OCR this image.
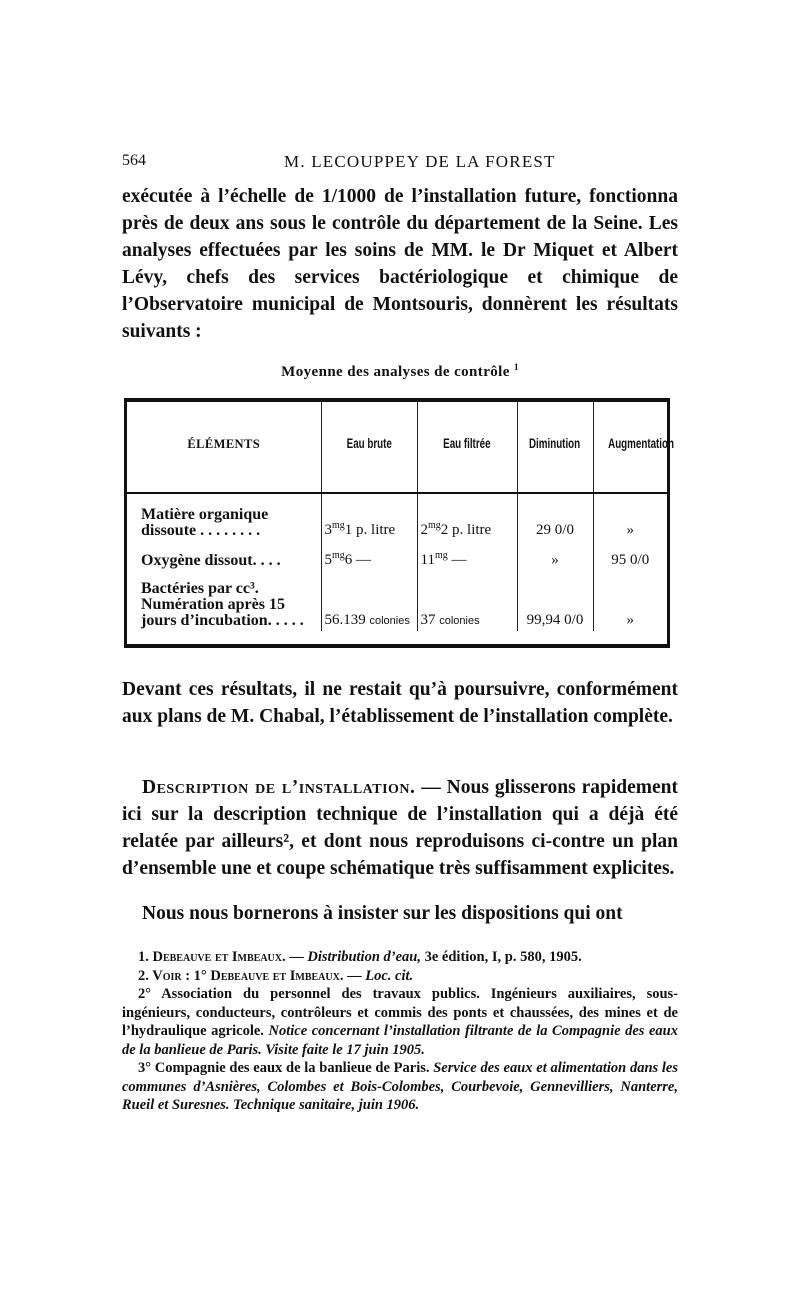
564	M. LECOUPPEY DE LA FOREST

exécutée à l’échelle de 1/1000 de l’installation future, fonctionna près de deux ans sous le contrôle du département de la Seine. Les analyses effectuées par les soins de MM. le Dr Miquet et Albert Lévy, chefs des services bactériologique et chimique de l’Observatoire municipal de Montsouris, donnèrent les résultats suivants :

Moyenne des analyses de contrôle $^1$
ÉLÉMENTS	Eau brute	Eau filtrée	Diminution	Augmentation

Matière organique dissoute . . . . . . . .	$3^{mg}1$ p. litre	$2^{mg}2$ p. litre	29 0/0	»
Oxygène dissout. . . .	$5^{mg}6$ —	$11^{mg}$ —	»	95 0/0
Bactéries par cc³. Numération après 15 jours d’incubation. . . . .	56.139 colonies	37 colonies	99,94 0/0	»

Devant ces résultats, il ne restait qu’à poursuivre, conformément aux plans de M. Chabal, l’établissement de l’installation complète.

Description de l’installation. — Nous glisserons rapidement ici sur la description technique de l’installation qui a déjà été relatée par ailleurs², et dont nous reproduisons ci-contre un plan d’ensemble une et coupe schématique très suffisamment explicites.

Nous nous bornerons à insister sur les dispositions qui ont

1. Debeauve et Imbeaux. — Distribution d’eau, 3e édition, I, p. 580, 1905.

2. Voir : 1° Debeauve et Imbeaux. — Loc. cit.

2° Association du personnel des travaux publics. Ingénieurs auxiliaires, sous-ingénieurs, conducteurs, contrôleurs et commis des ponts et chaussées, des mines et de l’hydraulique agricole. Notice concernant l’installation filtrante de la Compagnie des eaux de la banlieue de Paris. Visite faite le 17 juin 1905.

3° Compagnie des eaux de la banlieue de Paris. Service des eaux et alimentation dans les communes d’Asnières, Colombes et Bois-Colombes, Courbevoie, Gennevilliers, Nanterre, Rueil et Suresnes. Technique sanitaire, juin 1906.
